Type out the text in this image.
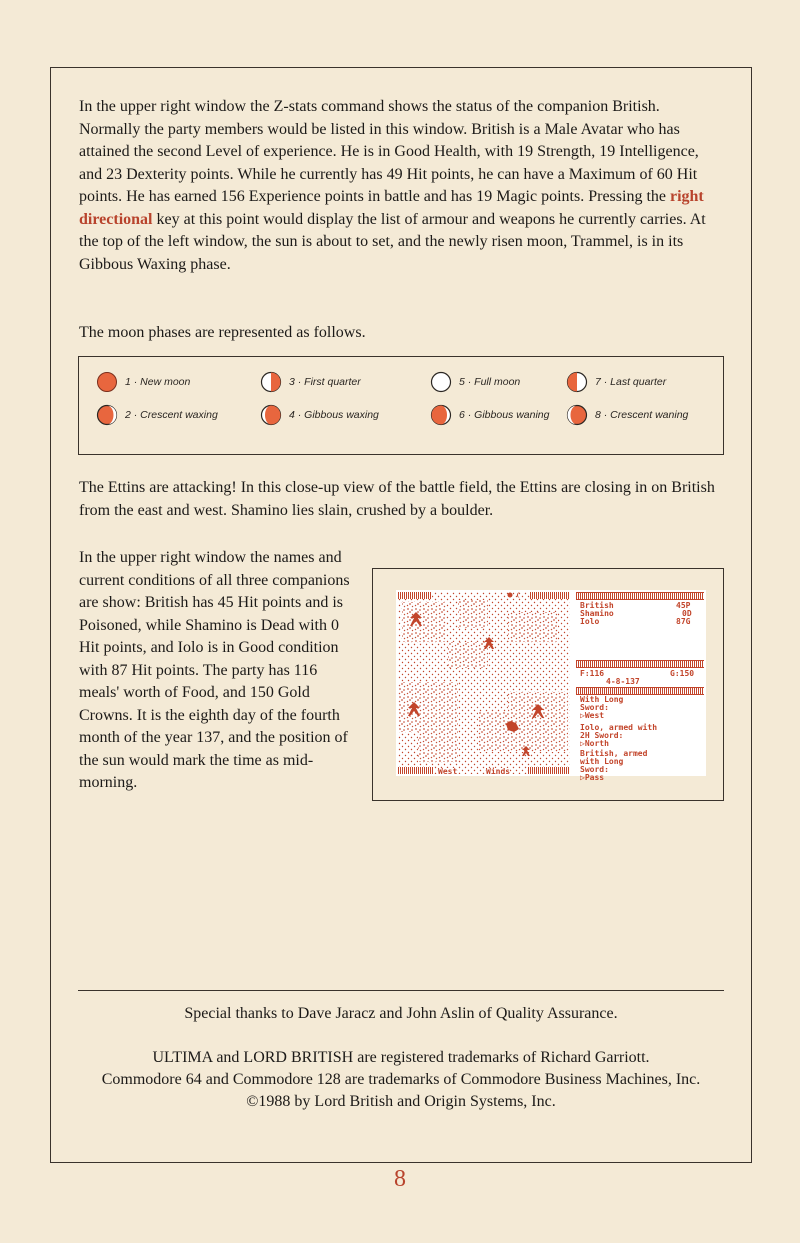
In the upper right window the Z-stats command shows the status of the companion British. Normally the party members would be listed in this window. British is a Male Avatar who has attained the second Level of experience. He is in Good Health, with 19 Strength, 19 Intelligence, and 23 Dexterity points. While he currently has 49 Hit points, he can have a Maximum of 60 Hit points. He has earned 156 Experience points in battle and has 19 Magic points. Pressing the right directional key at this point would display the list of armour and weapons he currently carries. At the top of the left window, the sun is about to set, and the newly risen moon, Trammel, is in its Gibbous Waxing phase.

The moon phases are represented as follows.

1 · New moon	3 · First quarter	5 · Full moon	7 · Last quarter
2 · Crescent waxing	4 · Gibbous waxing	6 · Gibbous waning	8 · Crescent waning

The Ettins are attacking! In this close-up view of the battle field, the Ettins are closing in on British from the east and west. Shamino lies slain, crushed by a boulder.

In the upper right window the names and current conditions of all three companions are show: British has 45 Hit points and is Poisoned, while Shamino is Dead with 0 Hit points, and Iolo is in Good condition with 87 Hit points. The party has 116 meals' worth of Food, and 150 Gold Crowns. It is the eighth day of the fourth month of the year 137, and the position of the sun would mark the time as mid-morning.

West	Winds
British	45P
Shamino	0D
Iolo	87G
F:116	G:150
4-8-137
With Long
Sword:
▷West
Iolo, armed with
2H Sword:
▷North
British, armed
with Long
Sword:
▷Pass

Special thanks to Dave Jaracz and John Aslin of Quality Assurance.

ULTIMA and LORD BRITISH are registered trademarks of Richard Garriott.

Commodore 64 and Commodore 128 are trademarks of Commodore Business Machines, Inc.

©1988 by Lord British and Origin Systems, Inc.

8
